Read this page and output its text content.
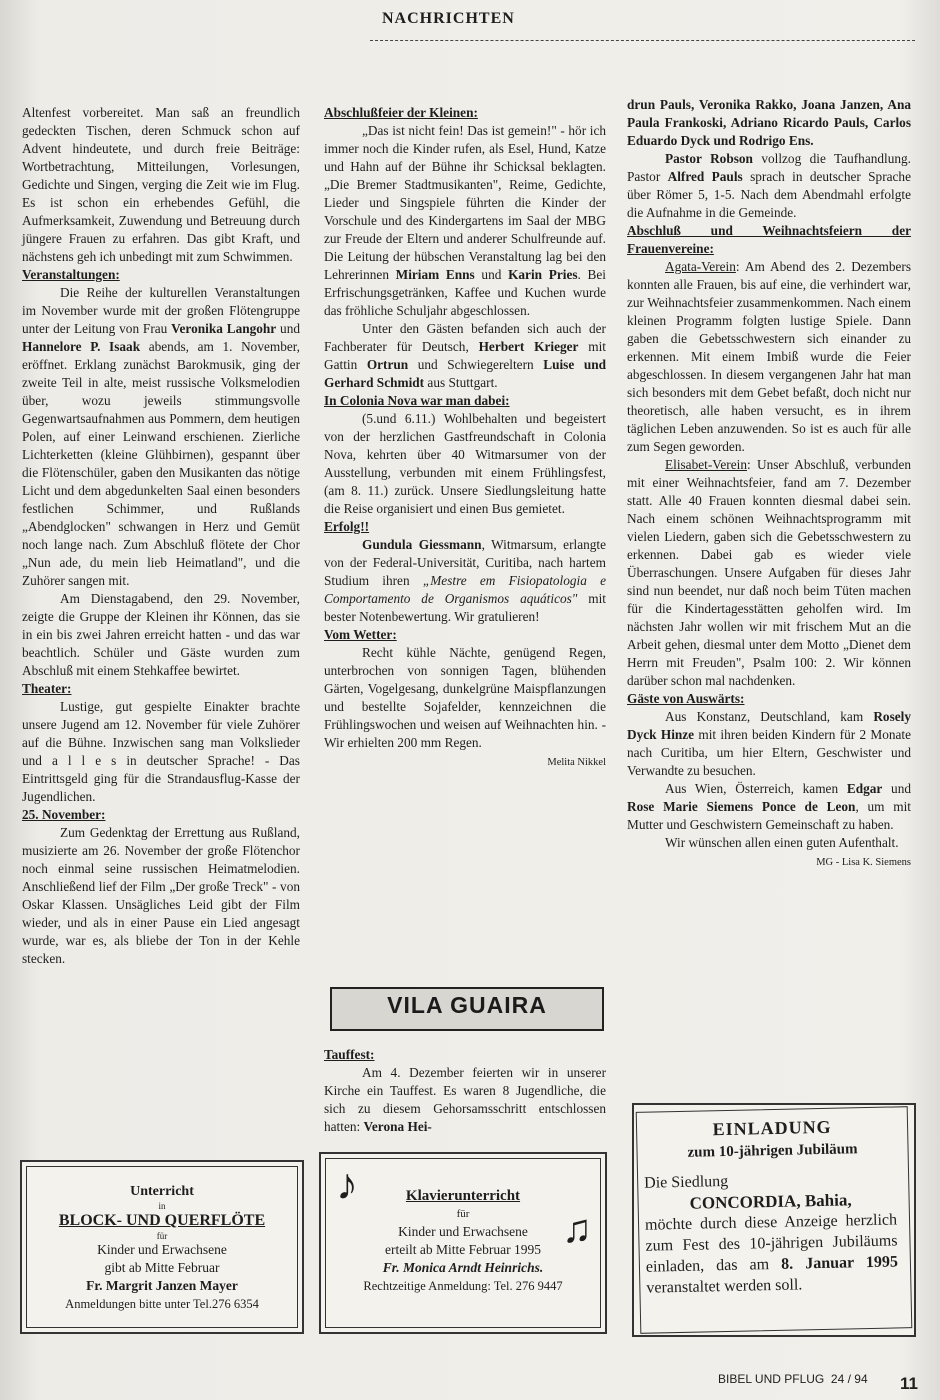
NACHRICHTEN

Altenfest vorbereitet. Man saß an freundlich gedeckten Tischen, deren Schmuck schon auf Advent hindeutete, und durch freie Beiträge: Wortbetrachtung, Mitteilungen, Vorlesungen, Gedichte und Singen, verging die Zeit wie im Flug. Es ist schon ein erhebendes Gefühl, die Aufmerksamkeit, Zuwendung und Betreuung durch jüngere Frauen zu erfahren. Das gibt Kraft, und nächstens geh ich unbedingt mit zum Schwimmen.

Veranstaltungen:

Die Reihe der kulturellen Veranstaltungen im November wurde mit der großen Flötengruppe unter der Leitung von Frau Veronika Langohr und Hannelore P. Isaak abends, am 1. November, eröffnet. Erklang zunächst Barokmusik, ging der zweite Teil in alte, meist russische Volksmelodien über, wozu jeweils stimmungsvolle Gegenwartsaufnahmen aus Pommern, dem heutigen Polen, auf einer Leinwand erschienen. Zierliche Lichterketten (kleine Glühbirnen), gespannt über die Flötenschüler, gaben den Musikanten das nötige Licht und dem abgedunkelten Saal einen besonders festlichen Schimmer, und Rußlands „Abendglocken" schwangen in Herz und Gemüt noch lange nach. Zum Abschluß flötete der Chor „Nun ade, du mein lieb Heimatland", und die Zuhörer sangen mit.

Am Dienstagabend, den 29. November, zeigte die Gruppe der Kleinen ihr Können, das sie in ein bis zwei Jahren erreicht hatten - und das war beachtlich. Schüler und Gäste wurden zum Abschluß mit einem Stehkaffee bewirtet.

Theater:

Lustige, gut gespielte Einakter brachte unsere Jugend am 12. November für viele Zuhörer auf die Bühne. Inzwischen sang man Volkslieder und a l l e s in deutscher Sprache! - Das Eintrittsgeld ging für die Strandausflug-Kasse der Jugendlichen.

25. November:

Zum Gedenktag der Errettung aus Rußland, musizierte am 26. November der große Flötenchor noch einmal seine russischen Heimatmelodien. Anschließend lief der Film „Der große Treck" - von Oskar Klassen. Unsägliches Leid gibt der Film wieder, und als in einer Pause ein Lied angesagt wurde, war es, als bliebe der Ton in der Kehle stecken.

Abschlußfeier der Kleinen:

„Das ist nicht fein! Das ist gemein!" - hör ich immer noch die Kinder rufen, als Esel, Hund, Katze und Hahn auf der Bühne ihr Schicksal beklagten. „Die Bremer Stadtmusikanten", Reime, Gedichte, Lieder und Singspiele führten die Kinder der Vorschule und des Kindergartens im Saal der MBG zur Freude der Eltern und anderer Schulfreunde auf. Die Leitung der hübschen Veranstaltung lag bei den Lehrerinnen Miriam Enns und Karin Pries. Bei Erfrischungsgetränken, Kaffee und Kuchen wurde das fröhliche Schuljahr abgeschlossen.

Unter den Gästen befanden sich auch der Fachberater für Deutsch, Herbert Krieger mit Gattin Ortrun und Schwiegereltern Luise und Gerhard Schmidt aus Stuttgart.

In Colonia Nova war man dabei:

(5.und 6.11.) Wohlbehalten und begeistert von der herzlichen Gastfreundschaft in Colonia Nova, kehrten über 40 Witmarsumer von der Ausstellung, verbunden mit einem Frühlingsfest, (am 8. 11.) zurück. Unsere Siedlungsleitung hatte die Reise organisiert und einen Bus gemietet.

Erfolg!!

Gundula Giessmann, Witmarsum, erlangte von der Federal-Universität, Curitiba, nach hartem Studium ihren „Mestre em Fisiopatologia e Comportamento de Organismos aquáticos" mit bester Notenbewertung. Wir gratulieren!

Vom Wetter:

Recht kühle Nächte, genügend Regen, unterbrochen von sonnigen Tagen, blühenden Gärten, Vogelgesang, dunkelgrüne Maispflanzungen und bestellte Sojafelder, kennzeichnen die Frühlingswochen und weisen auf Weihnachten hin. - Wir erhielten 200 mm Regen.

Melita Nikkel
VILA GUAIRA

Tauffest:

Am 4. Dezember feierten wir in unserer Kirche ein Tauffest. Es waren 8 Jugendliche, die sich zu diesem Gehorsamsschritt entschlossen hatten: Verona Hei-

drun Pauls, Veronika Rakko, Joana Janzen, Ana Paula Frankoski, Adriano Ricardo Pauls, Carlos Eduardo Dyck und Rodrigo Ens.

Pastor Robson vollzog die Taufhandlung. Pastor Alfred Pauls sprach in deutscher Sprache über Römer 5, 1-5. Nach dem Abendmahl erfolgte die Aufnahme in die Gemeinde.

Abschluß und Weihnachtsfeiern der Frauenvereine:

Agata-Verein: Am Abend des 2. Dezembers konnten alle Frauen, bis auf eine, die verhindert war, zur Weihnachtsfeier zusammenkommen. Nach einem kleinen Programm folgten lustige Spiele. Dann gaben die Gebetsschwestern sich einander zu erkennen. Mit einem Imbiß wurde die Feier abgeschlossen. In diesem vergangenen Jahr hat man sich besonders mit dem Gebet befaßt, doch nicht nur theoretisch, alle haben versucht, es in ihrem täglichen Leben anzuwenden. So ist es auch für alle zum Segen geworden.

Elisabet-Verein: Unser Abschluß, verbunden mit einer Weihnachtsfeier, fand am 7. Dezember statt. Alle 40 Frauen konnten diesmal dabei sein. Nach einem schönen Weihnachtsprogramm mit vielen Liedern, gaben sich die Gebetsschwestern zu erkennen. Dabei gab es wieder viele Überraschungen. Unsere Aufgaben für dieses Jahr sind nun beendet, nur daß noch beim Tüten machen für die Kindertagesstätten geholfen wird. Im nächsten Jahr wollen wir mit frischem Mut an die Arbeit gehen, diesmal unter dem Motto „Dienet dem Herrn mit Freuden", Psalm 100: 2. Wir können darüber schon mal nachdenken.

Gäste von Auswärts:

Aus Konstanz, Deutschland, kam Rosely Dyck Hinze mit ihren beiden Kindern für 2 Monate nach Curitiba, um hier Eltern, Geschwister und Verwandte zu besuchen.

Aus Wien, Österreich, kamen Edgar und Rose Marie Siemens Ponce de Leon, um mit Mutter und Geschwistern Gemeinschaft zu haben.

Wir wünschen allen einen guten Aufenthalt.

MG - Lisa K. Siemens
Unterricht
in
BLOCK- UND QUERFLÖTE
für
Kinder und Erwachsene
gibt ab Mitte Februar
Fr. Margrit Janzen Mayer
Anmeldungen bitte unter Tel.276 6354
♪
♫
Klavierunterricht
für
Kinder und Erwachsene
erteilt ab Mitte Februar 1995
Fr. Monica Arndt Heinrichs.
Rechtzeitige Anmeldung: Tel. 276 9447
EINLADUNG
zum 10-jährigen Jubiläum
Die Siedlung
CONCORDIA, Bahia,
möchte durch diese Anzeige herzlich zum Fest des 10-jährigen Jubiläums einladen, das am 8. Januar 1995 veranstaltet werden soll.
BIBEL UND PFLUG 24 / 94 11
